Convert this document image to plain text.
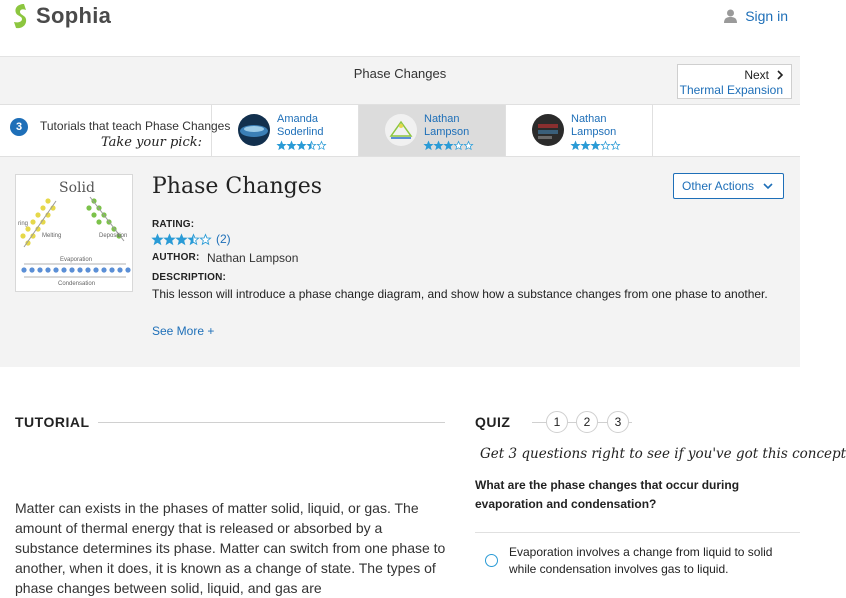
Sophia	Sign in
Phase Changes	Next
Thermal Expansion
3	Tutorials that teach Phase Changes
Take your pick:
Amanda Soderlind
Nathan Lampson
Nathan Lampson
Solid
ring
Melting	Deposition
Evaporation
Condensation
Phase Changes	Other Actions
RATING:
(2)
AUTHOR: Nathan Lampson
DESCRIPTION:
This lesson will introduce a phase change diagram, and show how a substance changes from one phase to another.
See More +
TUTORIAL
Matter can exists in the phases of matter solid, liquid, or gas. The amount of thermal energy that is released or absorbed by a substance determines its phase. Matter can switch from one phase to another, when it does, it is known as a change of state. The types of phase changes between solid, liquid, and gas are
QUIZ	1	2	3
Get 3 questions right to see if you've got this concept
What are the phase changes that occur during evaporation and condensation?
Evaporation involves a change from liquid to solid while condensation involves gas to liquid.
